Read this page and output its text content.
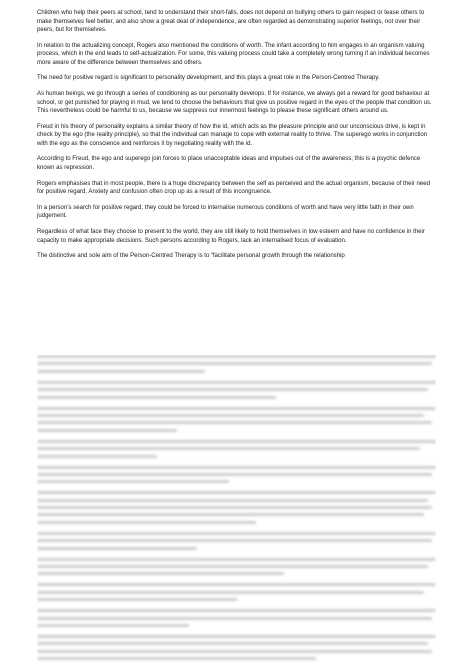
Children who help their peers at school, tend to understand their short-falls, does not depend on bullying others to gain respect or tease others to make themselves feel better, and also show a great deal of independence, are often regarded as demonstrating superior feelings, not over their peers, but for themselves.

In relation to the actualizing concept, Rogers also mentioned the conditions of worth. The infant according to him engages in an organism valuing process, which in the end leads to self-actualization. For some, this valuing process could take a completely wrong turning if an individual becomes more aware of the difference between themselves and others.

The need for positive regard is significant to personality development, and this plays a great role in the Person-Centred Therapy.

As human beings, we go through a series of conditioning as our personality develops. If for instance, we always get a reward for good behaviour at school, or get punished for playing in mud, we tend to choose the behaviours that give us positive regard in the eyes of the people that condition us. This nevertheless could be harmful to us, because we suppress our innermost feelings to please these significant others around us.

Freud in his theory of personality explains a similar theory of how the id, which acts as the pleasure principle and our unconscious drive, is kept in check by the ego (the reality principle), so that the individual can manage to cope with external reality to thrive. The superego works in conjunction with the ego as the conscience and reinforces it by negotiating reality with the id.

According to Freud, the ego and superego join forces to place unacceptable ideas and impulses out of the awareness; this is a psychic defence known as repression.

Rogers emphasises that in most people, there is a huge discrepancy between the self as perceived and the actual organism, because of their need for positive regard. Anxiety and confusion often crop up as a result of this incongruence.

In a person’s search for positive regard, they could be forced to internalise numerous conditions of worth and have very little faith in their own judgement.

Regardless of what face they choose to present to the world, they are still likely to hold themselves in low esteem and have no confidence in their capacity to make appropriate decisions. Such persons according to Rogers, lack an internalised focus of evaluation.

The distinctive and sole aim of the Person-Centred Therapy is to “facilitate personal growth through the relationship
